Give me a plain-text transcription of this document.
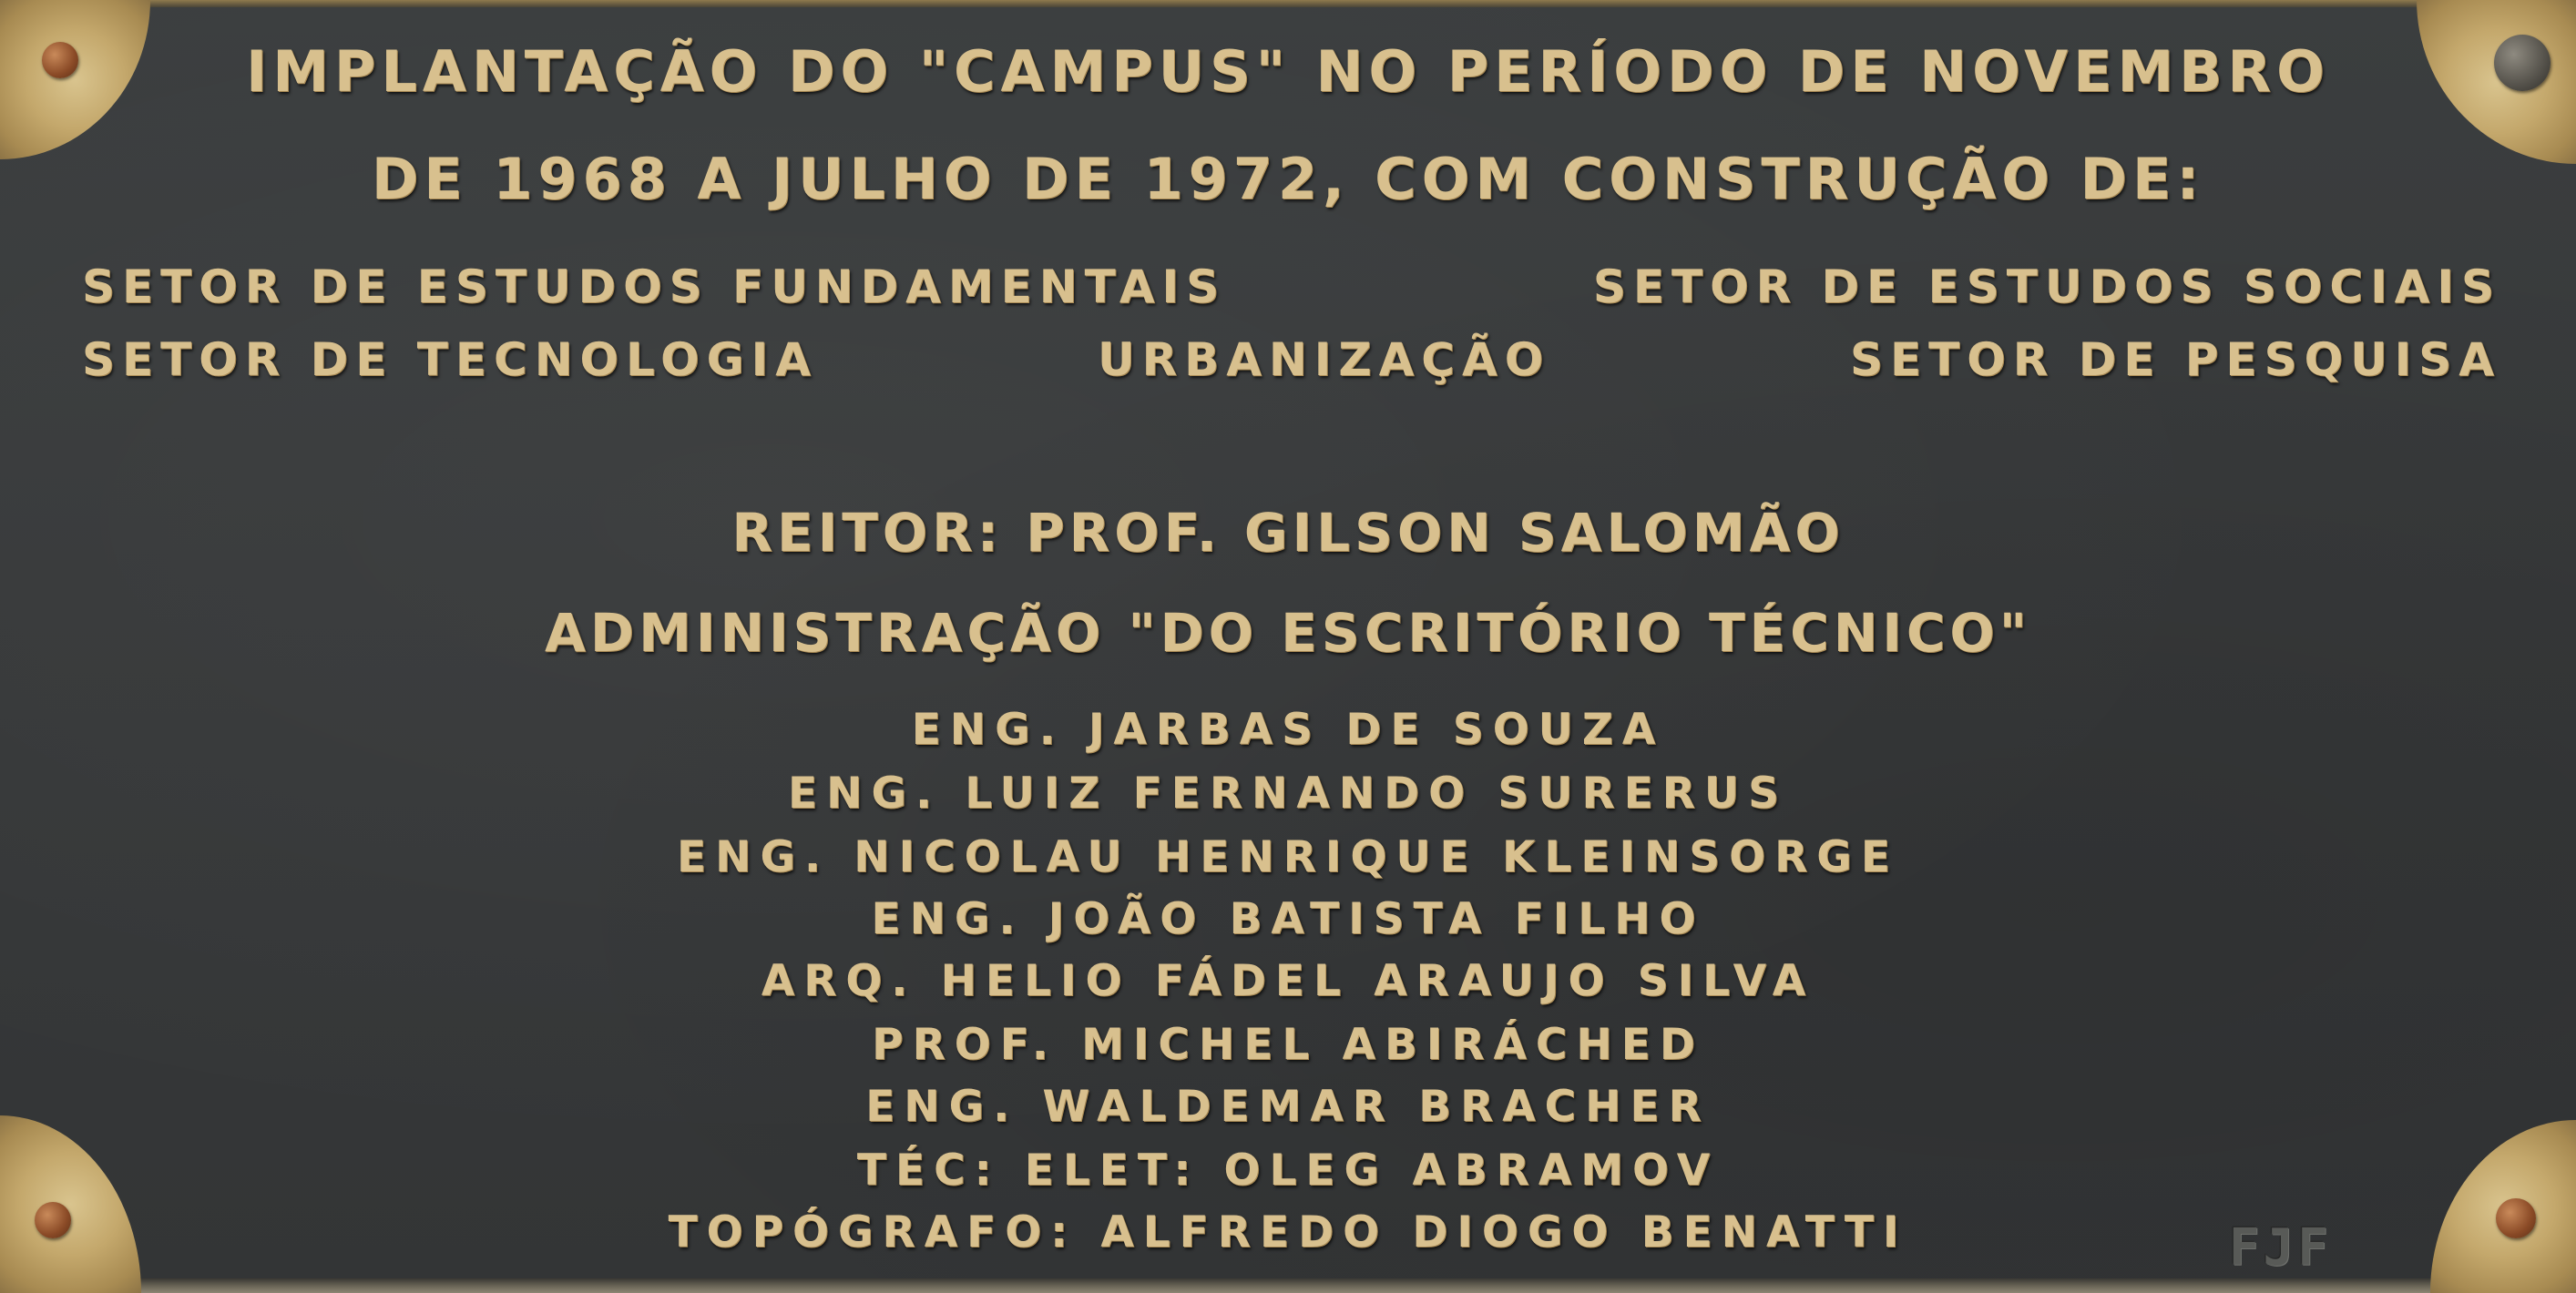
IMPLANTAÇÃO DO "CAMPUS" NO PERÍODO DE NOVEMBRO

DE 1968 A JULHO DE 1972, COM CONSTRUÇÃO DE:

SETOR DE ESTUDOS FUNDAMENTAIS

SETOR DE TECNOLOGIA	URBANIZAÇÃO

SETOR DE ESTUDOS SOCIAIS

SETOR DE PESQUISA

REITOR: PROF. GILSON SALOMÃO

ADMINISTRAÇÃO "DO ESCRITÓRIO TÉCNICO"

ENG. JARBAS DE SOUZA

ENG. LUIZ FERNANDO SURERUS

ENG. NICOLAU HENRIQUE KLEINSORGE

ENG. JOÃO BATISTA FILHO

ARQ. HELIO FÁDEL ARAUJO SILVA

PROF. MICHEL ABIRÁCHED

ENG. WALDEMAR BRACHER

TÉC: ELET: OLEG ABRAMOV

TOPÓGRAFO: ALFREDO DIOGO BENATTI	FJF
